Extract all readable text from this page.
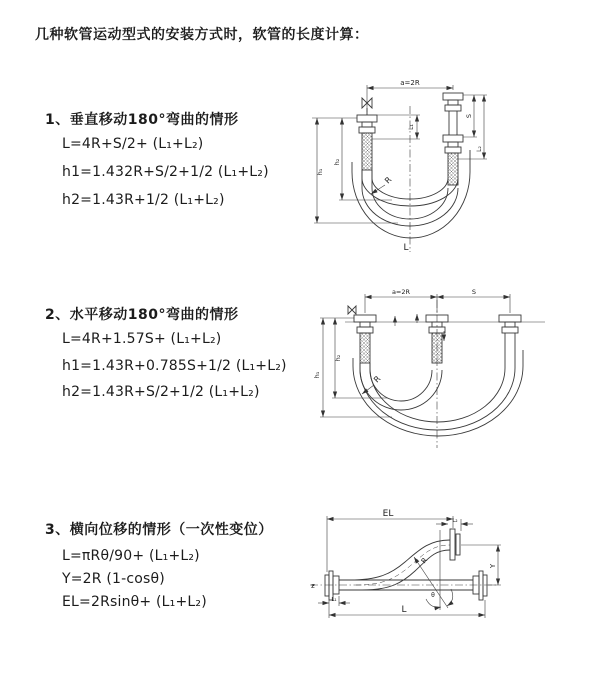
几种软管运动型式的安装方式时，软管的长度计算：
1、垂直移动180°弯曲的情形
L=4R+S/2+ (L₁+L₂)
h1=1.432R+S/2+1/2 (L₁+L₂)
h2=1.43R+1/2 (L₁+L₂)
2、水平移动180°弯曲的情形
L=4R+1.57S+ (L₁+L₂)
h1=1.43R+0.785S+1/2 (L₁+L₂)
h2=1.43R+S/2+1/2 (L₁+L₂)
3、横向位移的情形（一次性变位）
L=πRθ/90+ (L₁+L₂)
Y=2R (1-cosθ)
EL=2Rsinθ+ (L₁+L₂)
a=2R
L₁
S
L₂
h₁
h₂
R
L
a=2R	S
h₁
h₂
R
EL
L₂
Y
R
θ
L₁
L
ƶ
